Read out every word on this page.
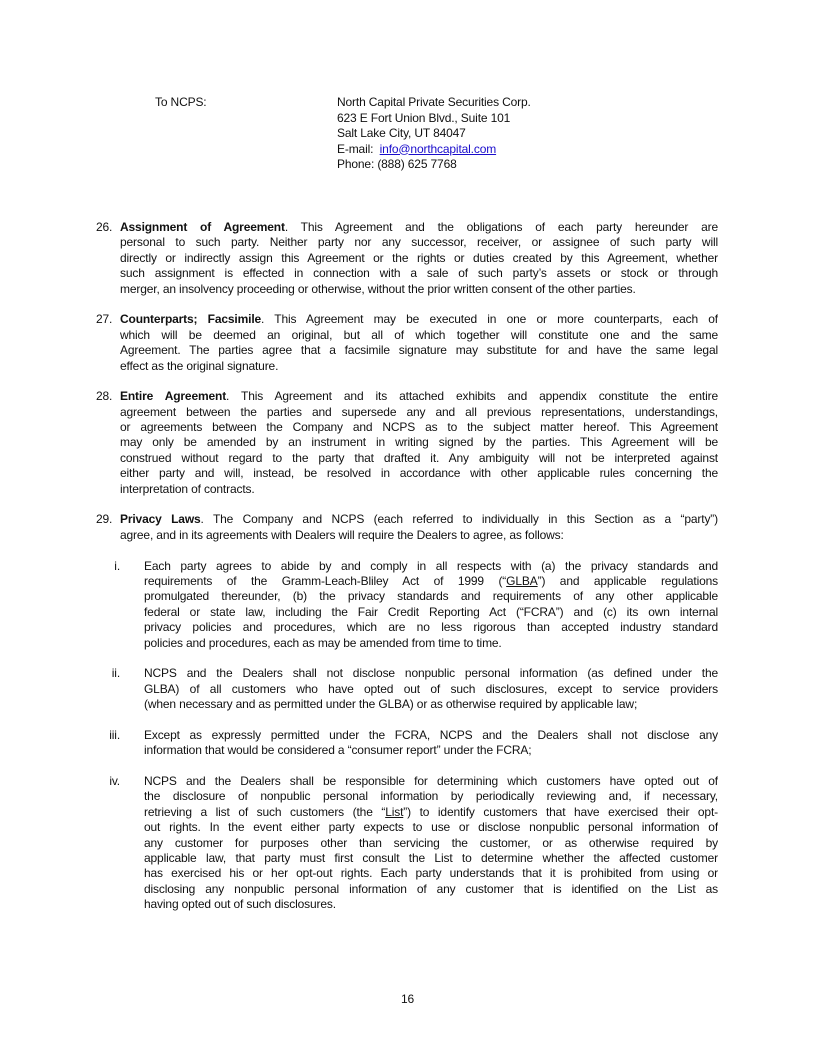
To NCPS:	North Capital Private Securities Corp.
623 E Fort Union Blvd., Suite 101
Salt Lake City, UT 84047
E-mail:  info@northcapital.com
Phone: (888) 625 7768
26. Assignment of Agreement. This Agreement and the obligations of each party hereunder are
personal to such party. Neither party nor any successor, receiver, or assignee of such party will
directly or indirectly assign this Agreement or the rights or duties created by this Agreement, whether
such assignment is effected in connection with a sale of such party’s assets or stock or through
merger, an insolvency proceeding or otherwise, without the prior written consent of the other parties.
27. Counterparts; Facsimile. This Agreement may be executed in one or more counterparts, each of
which will be deemed an original, but all of which together will constitute one and the same
Agreement. The parties agree that a facsimile signature may substitute for and have the same legal
effect as the original signature.
28. Entire Agreement. This Agreement and its attached exhibits and appendix constitute the entire
agreement between the parties and supersede any and all previous representations, understandings,
or agreements between the Company and NCPS as to the subject matter hereof. This Agreement
may only be amended by an instrument in writing signed by the parties. This Agreement will be
construed without regard to the party that drafted it. Any ambiguity will not be interpreted against
either party and will, instead, be resolved in accordance with other applicable rules concerning the
interpretation of contracts.
29. Privacy Laws. The Company and NCPS (each referred to individually in this Section as a “party”)
agree, and in its agreements with Dealers will require the Dealers to agree, as follows:
i. Each party agrees to abide by and comply in all respects with (a) the privacy standards and
requirements of the Gramm-Leach-Bliley Act of 1999 (“GLBA”) and applicable regulations
promulgated thereunder, (b) the privacy standards and requirements of any other applicable
federal or state law, including the Fair Credit Reporting Act (“FCRA”) and (c) its own internal
privacy policies and procedures, which are no less rigorous than accepted industry standard
policies and procedures, each as may be amended from time to time.
ii. NCPS and the Dealers shall not disclose nonpublic personal information (as defined under the
GLBA) of all customers who have opted out of such disclosures, except to service providers
(when necessary and as permitted under the GLBA) or as otherwise required by applicable law;
iii. Except as expressly permitted under the FCRA, NCPS and the Dealers shall not disclose any
information that would be considered a “consumer report” under the FCRA;
iv. NCPS and the Dealers shall be responsible for determining which customers have opted out of
the disclosure of nonpublic personal information by periodically reviewing and, if necessary,
retrieving a list of such customers (the “List”) to identify customers that have exercised their opt-
out rights. In the event either party expects to use or disclose nonpublic personal information of
any customer for purposes other than servicing the customer, or as otherwise required by
applicable law, that party must first consult the List to determine whether the affected customer
has exercised his or her opt-out rights. Each party understands that it is prohibited from using or
disclosing any nonpublic personal information of any customer that is identified on the List as
having opted out of such disclosures.
16
